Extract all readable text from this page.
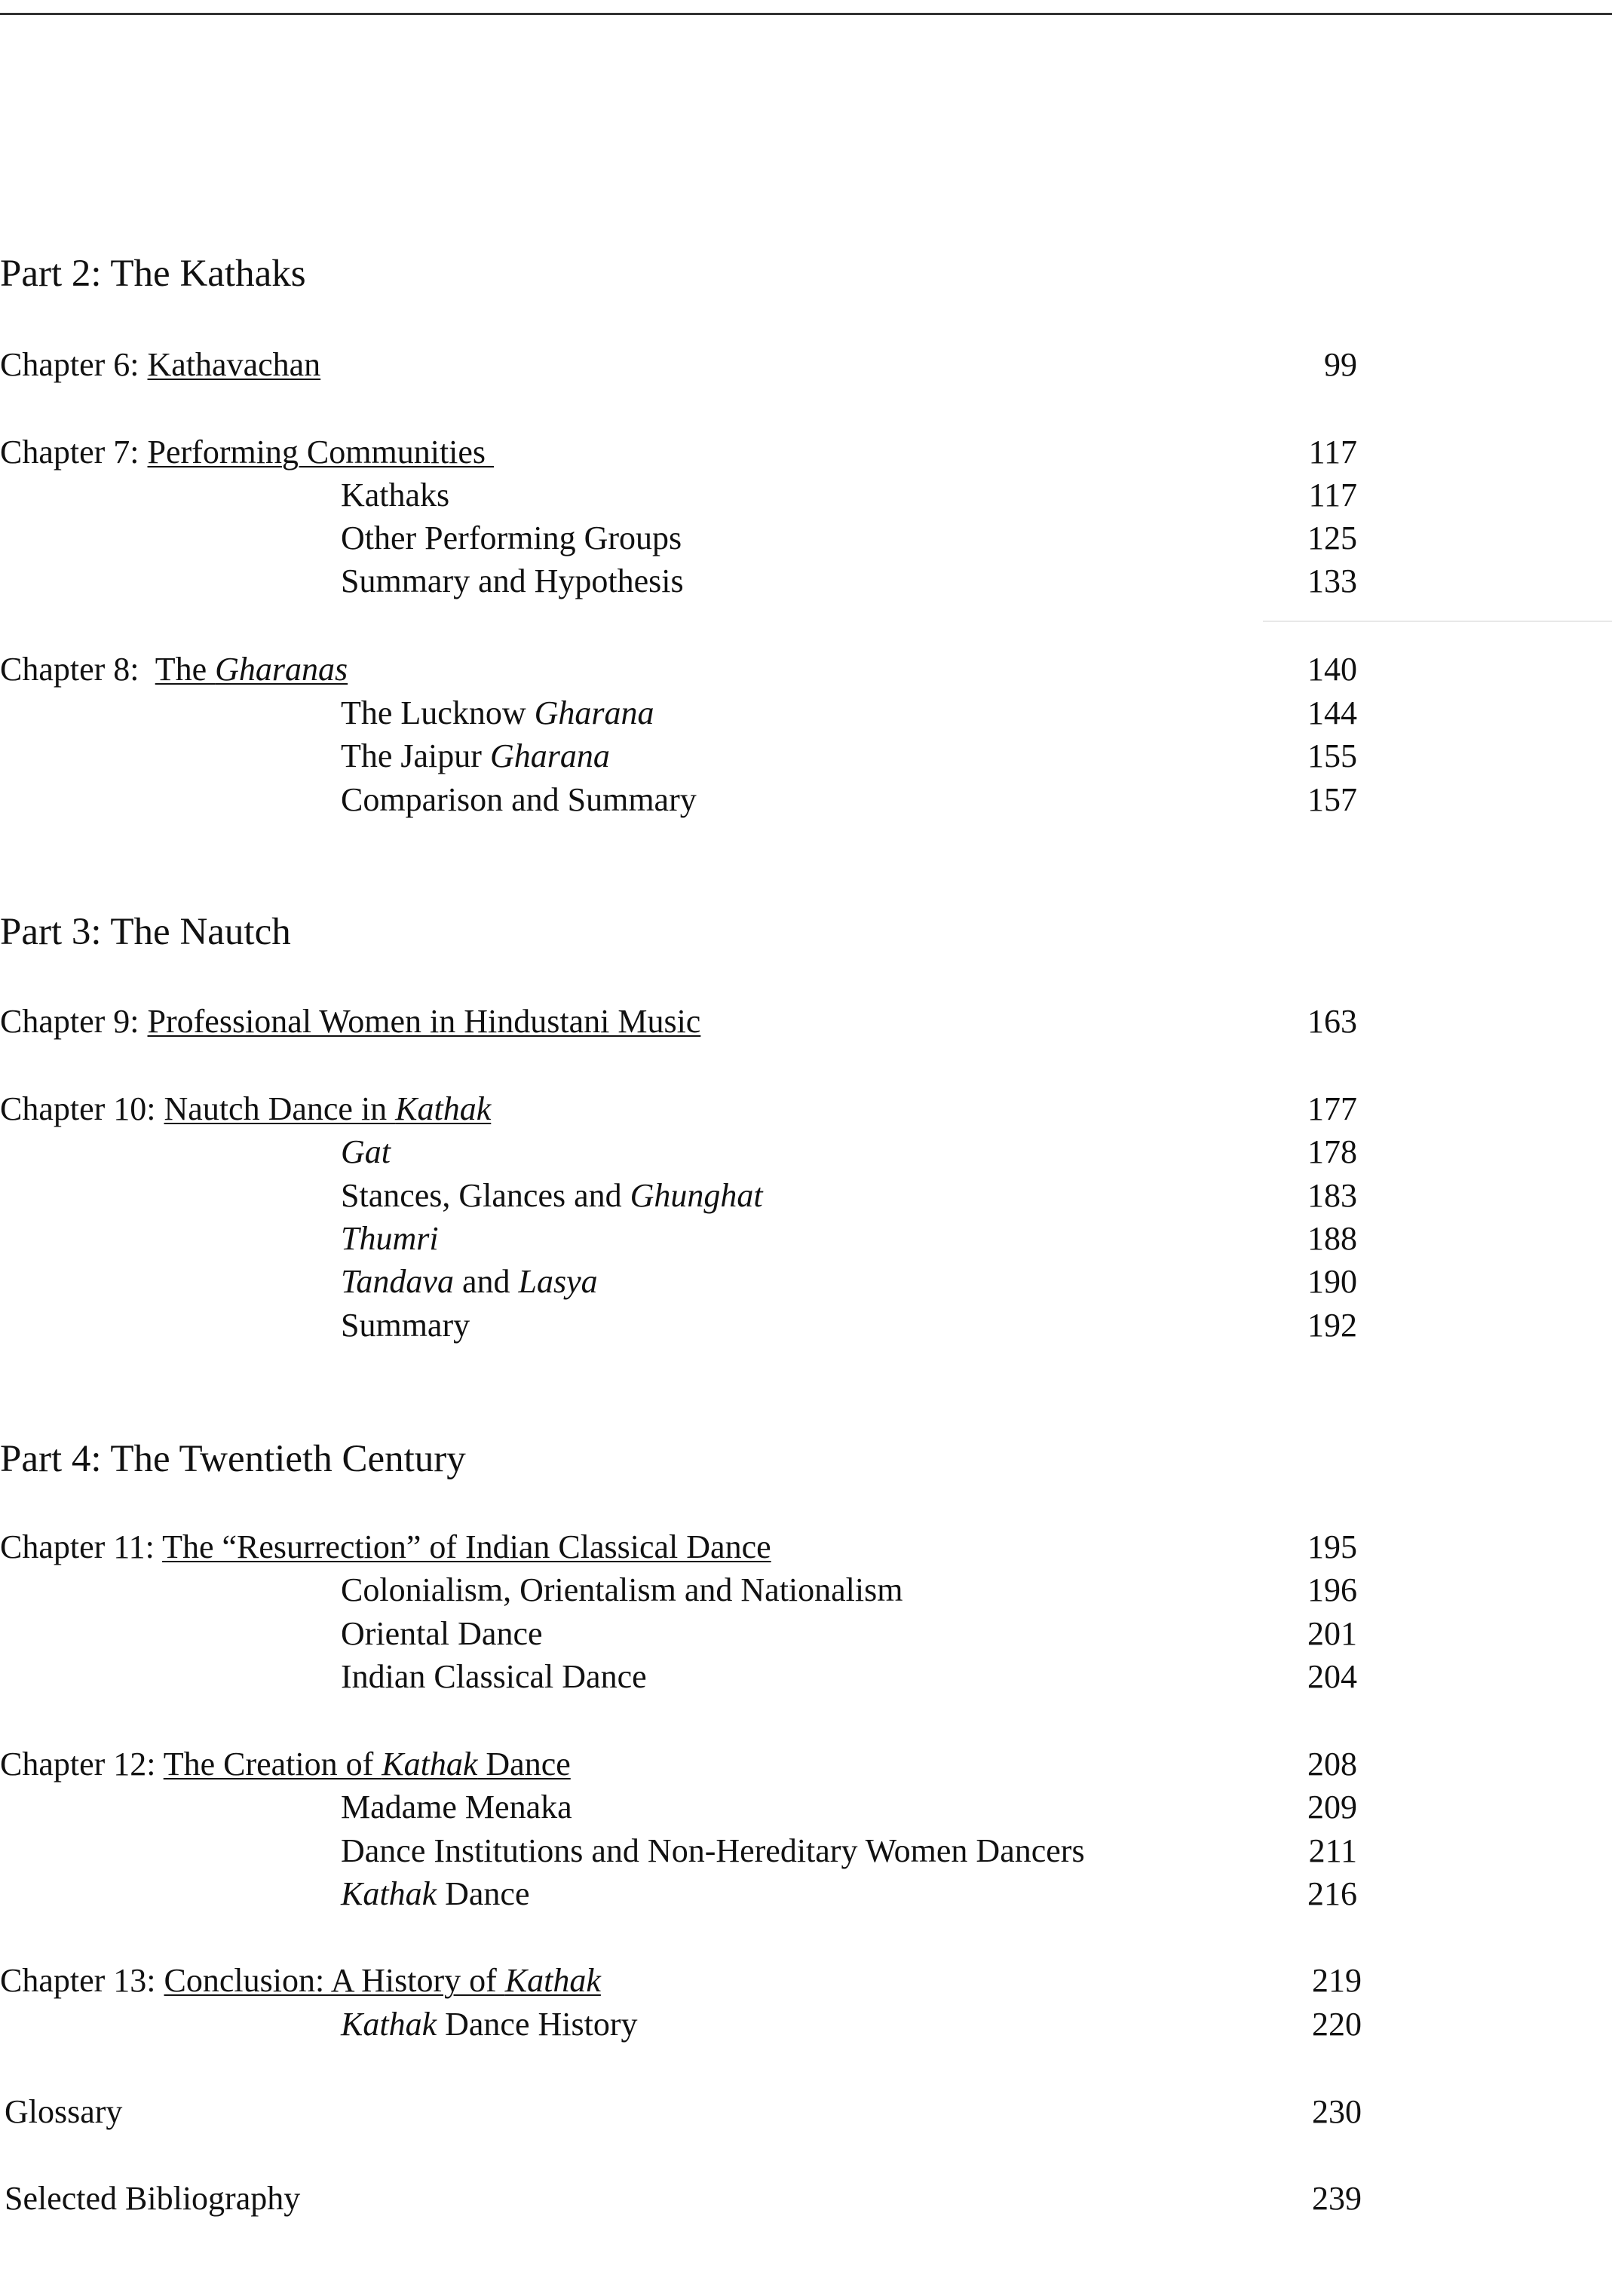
Part 2: The Kathaks
Chapter 6: Kathavachan	99
Chapter 7: Performing Communities	117
Kathaks	117
Other Performing Groups	125
Summary and Hypothesis	133
Chapter 8:  The Gharanas	140
The Lucknow Gharana	144
The Jaipur Gharana	155
Comparison and Summary	157
Part 3: The Nautch
Chapter 9: Professional Women in Hindustani Music	163
Chapter 10: Nautch Dance in Kathak	177
Gat	178
Stances, Glances and Ghunghat	183
Thumri	188
Tandava and Lasya	190
Summary	192
Part 4: The Twentieth Century
Chapter 11: The “Resurrection” of Indian Classical Dance	195
Colonialism, Orientalism and Nationalism	196
Oriental Dance	201
Indian Classical Dance	204
Chapter 12: The Creation of Kathak Dance	208
Madame Menaka	209
Dance Institutions and Non-Hereditary Women Dancers	211
Kathak Dance	216
Chapter 13: Conclusion: A History of Kathak	219
Kathak Dance History	220
Glossary	230
Selected Bibliography	239
